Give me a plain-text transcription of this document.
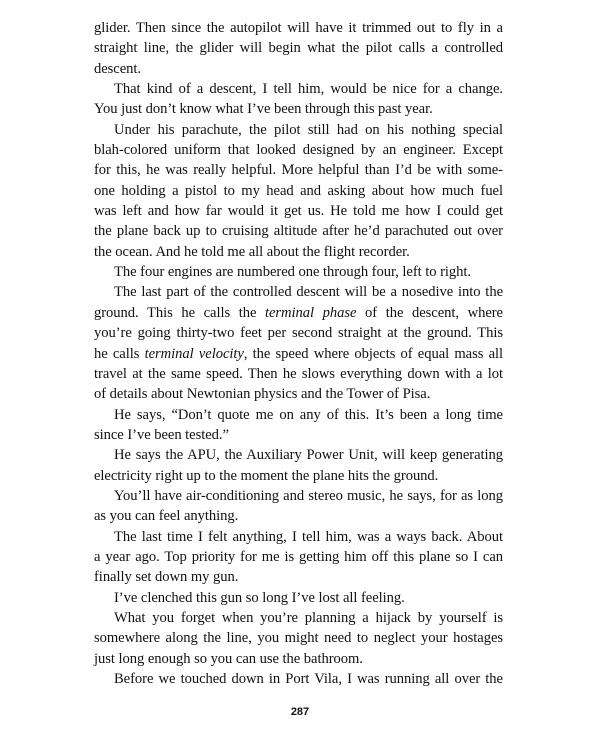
glider. Then since the autopilot will have it trimmed out to fly in a
straight line, the glider will begin what the pilot calls a controlled
descent.
That kind of a descent, I tell him, would be nice for a change.
You just don’t know what I’ve been through this past year.
Under his parachute, the pilot still had on his nothing special
blah-colored uniform that looked designed by an engineer. Except
for this, he was really helpful. More helpful than I’d be with some-
one holding a pistol to my head and asking about how much fuel
was left and how far would it get us. He told me how I could get
the plane back up to cruising altitude after he’d parachuted out over
the ocean. And he told me all about the flight recorder.
The four engines are numbered one through four, left to right.
The last part of the controlled descent will be a nosedive into the
ground. This he calls the terminal phase of the descent, where
you’re going thirty-two feet per second straight at the ground. This
he calls terminal velocity, the speed where objects of equal mass all
travel at the same speed. Then he slows everything down with a lot
of details about Newtonian physics and the Tower of Pisa.
He says, “Don’t quote me on any of this. It’s been a long time
since I’ve been tested.”
He says the APU, the Auxiliary Power Unit, will keep generating
electricity right up to the moment the plane hits the ground.
You’ll have air-conditioning and stereo music, he says, for as long
as you can feel anything.
The last time I felt anything, I tell him, was a ways back. About
a year ago. Top priority for me is getting him off this plane so I can
finally set down my gun.
I’ve clenched this gun so long I’ve lost all feeling.
What you forget when you’re planning a hijack by yourself is
somewhere along the line, you might need to neglect your hostages
just long enough so you can use the bathroom.
Before we touched down in Port Vila, I was running all over the
287
